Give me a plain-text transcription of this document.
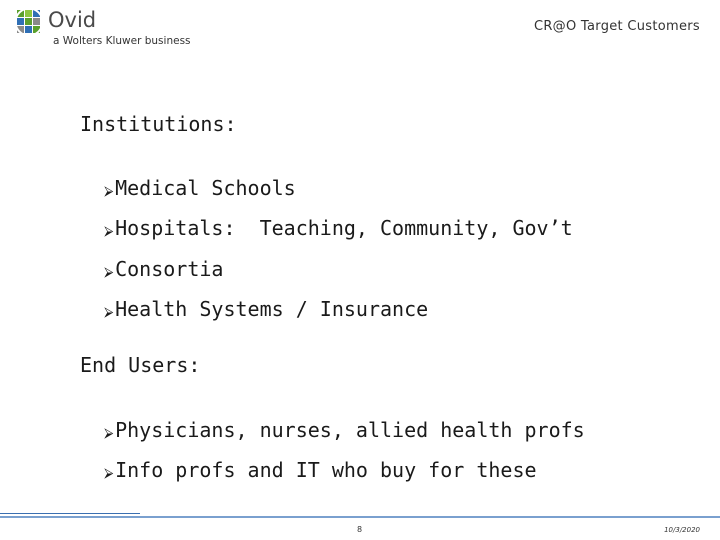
Ovid
a Wolters Kluwer business
CR@O Target Customers
Institutions:

⮚Medical Schools

⮚Hospitals:  Teaching, Community, Gov’t

⮚Consortia

⮚Health Systems / Insurance

End Users:

⮚Physicians, nurses, allied health profs

⮚Info profs and IT who buy for these

8	10/3/2020
